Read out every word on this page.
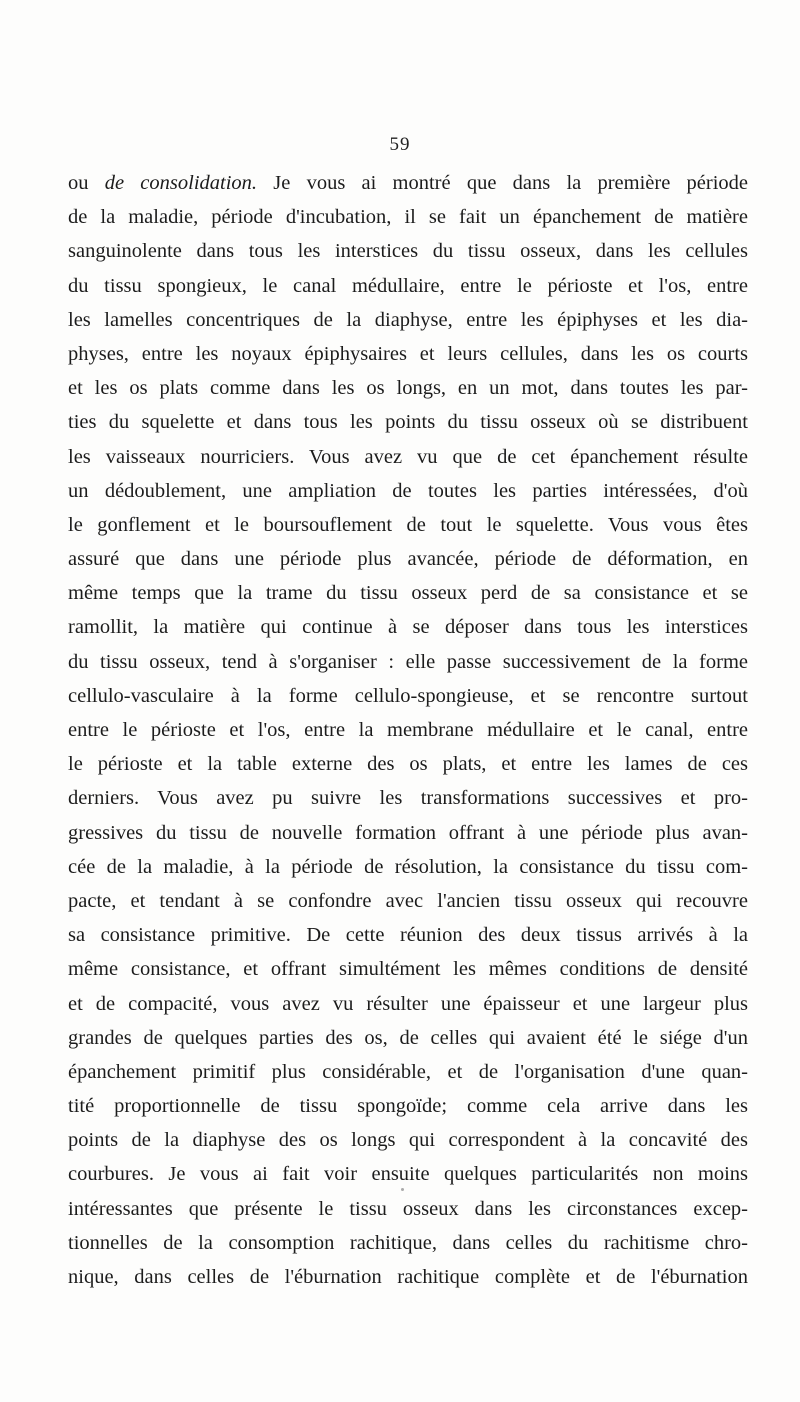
59
ou de consolidation. Je vous ai montré que dans la première période
de la maladie, période d'incubation, il se fait un épanchement de matière
sanguinolente dans tous les interstices du tissu osseux, dans les cellules
du tissu spongieux, le canal médullaire, entre le périoste et l'os, entre
les lamelles concentriques de la diaphyse, entre les épiphyses et les dia-
physes, entre les noyaux épiphysaires et leurs cellules, dans les os courts
et les os plats comme dans les os longs, en un mot, dans toutes les par-
ties du squelette et dans tous les points du tissu osseux où se distribuent
les vaisseaux nourriciers. Vous avez vu que de cet épanchement résulte
un dédoublement, une ampliation de toutes les parties intéressées, d'où
le gonflement et le boursouflement de tout le squelette. Vous vous êtes
assuré que dans une période plus avancée, période de déformation, en
même temps que la trame du tissu osseux perd de sa consistance et se
ramollit, la matière qui continue à se déposer dans tous les interstices
du tissu osseux, tend à s'organiser : elle passe successivement de la forme
cellulo-vasculaire à la forme cellulo-spongieuse, et se rencontre surtout
entre le périoste et l'os, entre la membrane médullaire et le canal, entre
le périoste et la table externe des os plats, et entre les lames de ces
derniers. Vous avez pu suivre les transformations successives et pro-
gressives du tissu de nouvelle formation offrant à une période plus avan-
cée de la maladie, à la période de résolution, la consistance du tissu com-
pacte, et tendant à se confondre avec l'ancien tissu osseux qui recouvre
sa consistance primitive. De cette réunion des deux tissus arrivés à la
même consistance, et offrant simultément les mêmes conditions de densité
et de compacité, vous avez vu résulter une épaisseur et une largeur plus
grandes de quelques parties des os, de celles qui avaient été le siége d'un
épanchement primitif plus considérable, et de l'organisation d'une quan-
tité proportionnelle de tissu spongoïde; comme cela arrive dans les
points de la diaphyse des os longs qui correspondent à la concavité des
courbures. Je vous ai fait voir ensuite quelques particularités non moins
intéressantes que présente le tissu osseux dans les circonstances excep-
tionnelles de la consomption rachitique, dans celles du rachitisme chro-
nique, dans celles de l'éburnation rachitique complète et de l'éburnation
